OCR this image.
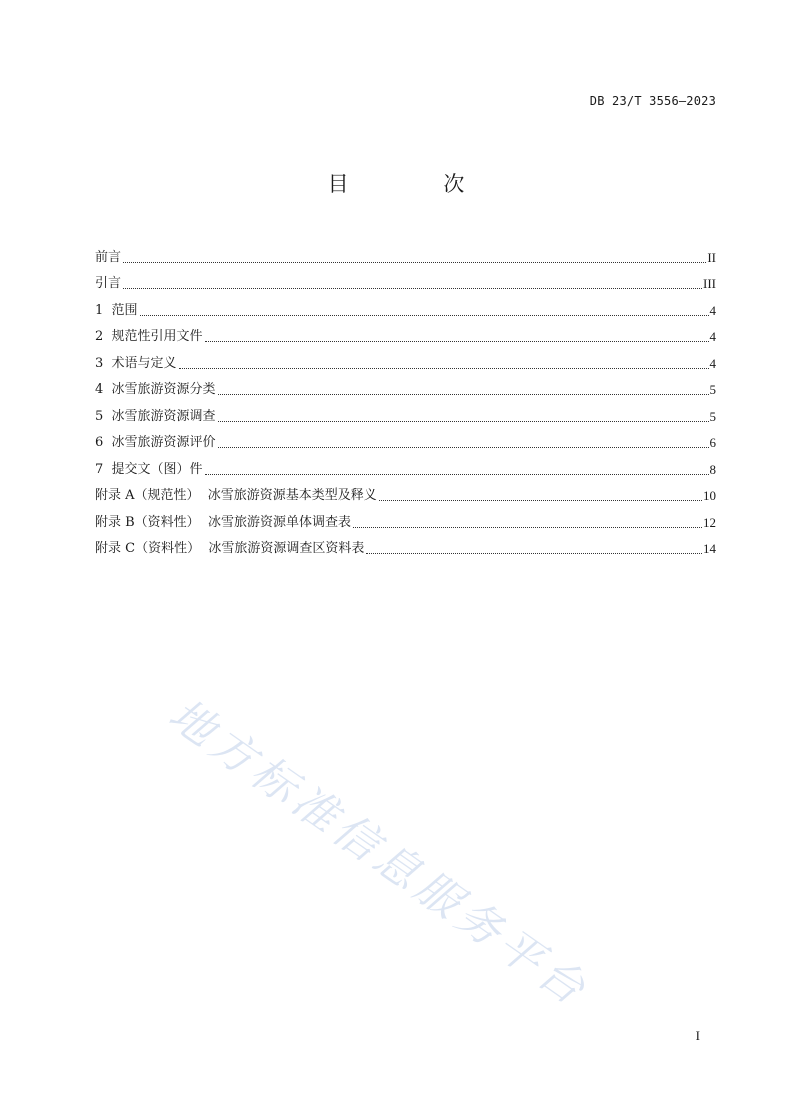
DB 23/T 3556—2023
目 次
前言	II
引言	III
1  范围	4
2  规范性引用文件	4
3  术语与定义	4
4  冰雪旅游资源分类	5
5  冰雪旅游资源调查	5
6  冰雪旅游资源评价	6
7  提交文（图）件	8
附录 A（规范性）  冰雪旅游资源基本类型及释义	10
附录 B（资料性）  冰雪旅游资源单体调查表	12
附录 C（资料性）  冰雪旅游资源调查区资料表	14
地方标准信息服务平台
I
